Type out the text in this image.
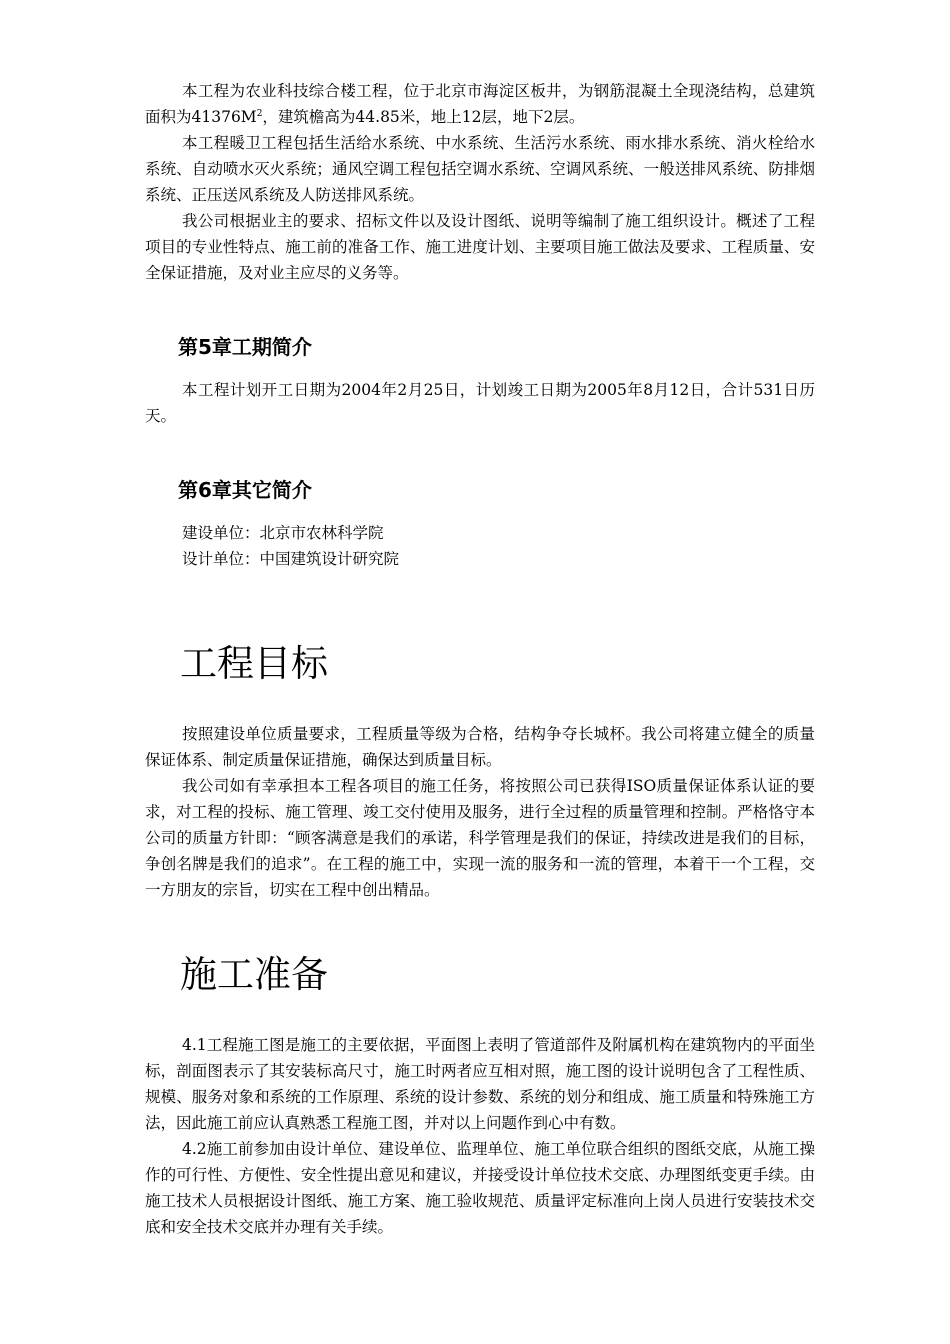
本工程为农业科技综合楼工程，位于北京市海淀区板井，为钢筋混凝土全现浇结构，总建筑面积为$41376M^2$，建筑檐高为44.85米，地上12层，地下2层。

本工程暖卫工程包括生活给水系统、中水系统、生活污水系统、雨水排水系统、消火栓给水系统、自动喷水灭火系统；通风空调工程包括空调水系统、空调风系统、一般送排风系统、防排烟系统、正压送风系统及人防送排风系统。

我公司根据业主的要求、招标文件以及设计图纸、说明等编制了施工组织设计。概述了工程项目的专业性特点、施工前的准备工作、施工进度计划、主要项目施工做法及要求、工程质量、安全保证措施，及对业主应尽的义务等。

第5章工期简介

本工程计划开工日期为2004年2月25日，计划竣工日期为2005年8月12日，合计531日历天。

第6章其它简介

建设单位：北京市农林科学院

设计单位：中国建筑设计研究院

工程目标

按照建设单位质量要求，工程质量等级为合格，结构争夺长城杯。我公司将建立健全的质量保证体系、制定质量保证措施，确保达到质量目标。

我公司如有幸承担本工程各项目的施工任务，将按照公司已获得ISO质量保证体系认证的要求，对工程的投标、施工管理、竣工交付使用及服务，进行全过程的质量管理和控制。严格恪守本公司的质量方针即：“顾客满意是我们的承诺，科学管理是我们的保证，持续改进是我们的目标，争创名牌是我们的追求”。在工程的施工中，实现一流的服务和一流的管理，本着干一个工程，交一方朋友的宗旨，切实在工程中创出精品。

施工准备

4.1工程施工图是施工的主要依据，平面图上表明了管道部件及附属机构在建筑物内的平面坐标，剖面图表示了其安装标高尺寸，施工时两者应互相对照，施工图的设计说明包含了工程性质、规模、服务对象和系统的工作原理、系统的设计参数、系统的划分和组成、施工质量和特殊施工方法，因此施工前应认真熟悉工程施工图，并对以上问题作到心中有数。

4.2施工前参加由设计单位、建设单位、监理单位、施工单位联合组织的图纸交底，从施工操作的可行性、方便性、安全性提出意见和建议，并接受设计单位技术交底、办理图纸变更手续。由施工技术人员根据设计图纸、施工方案、施工验收规范、质量评定标准向上岗人员进行安装技术交底和安全技术交底并办理有关手续。
